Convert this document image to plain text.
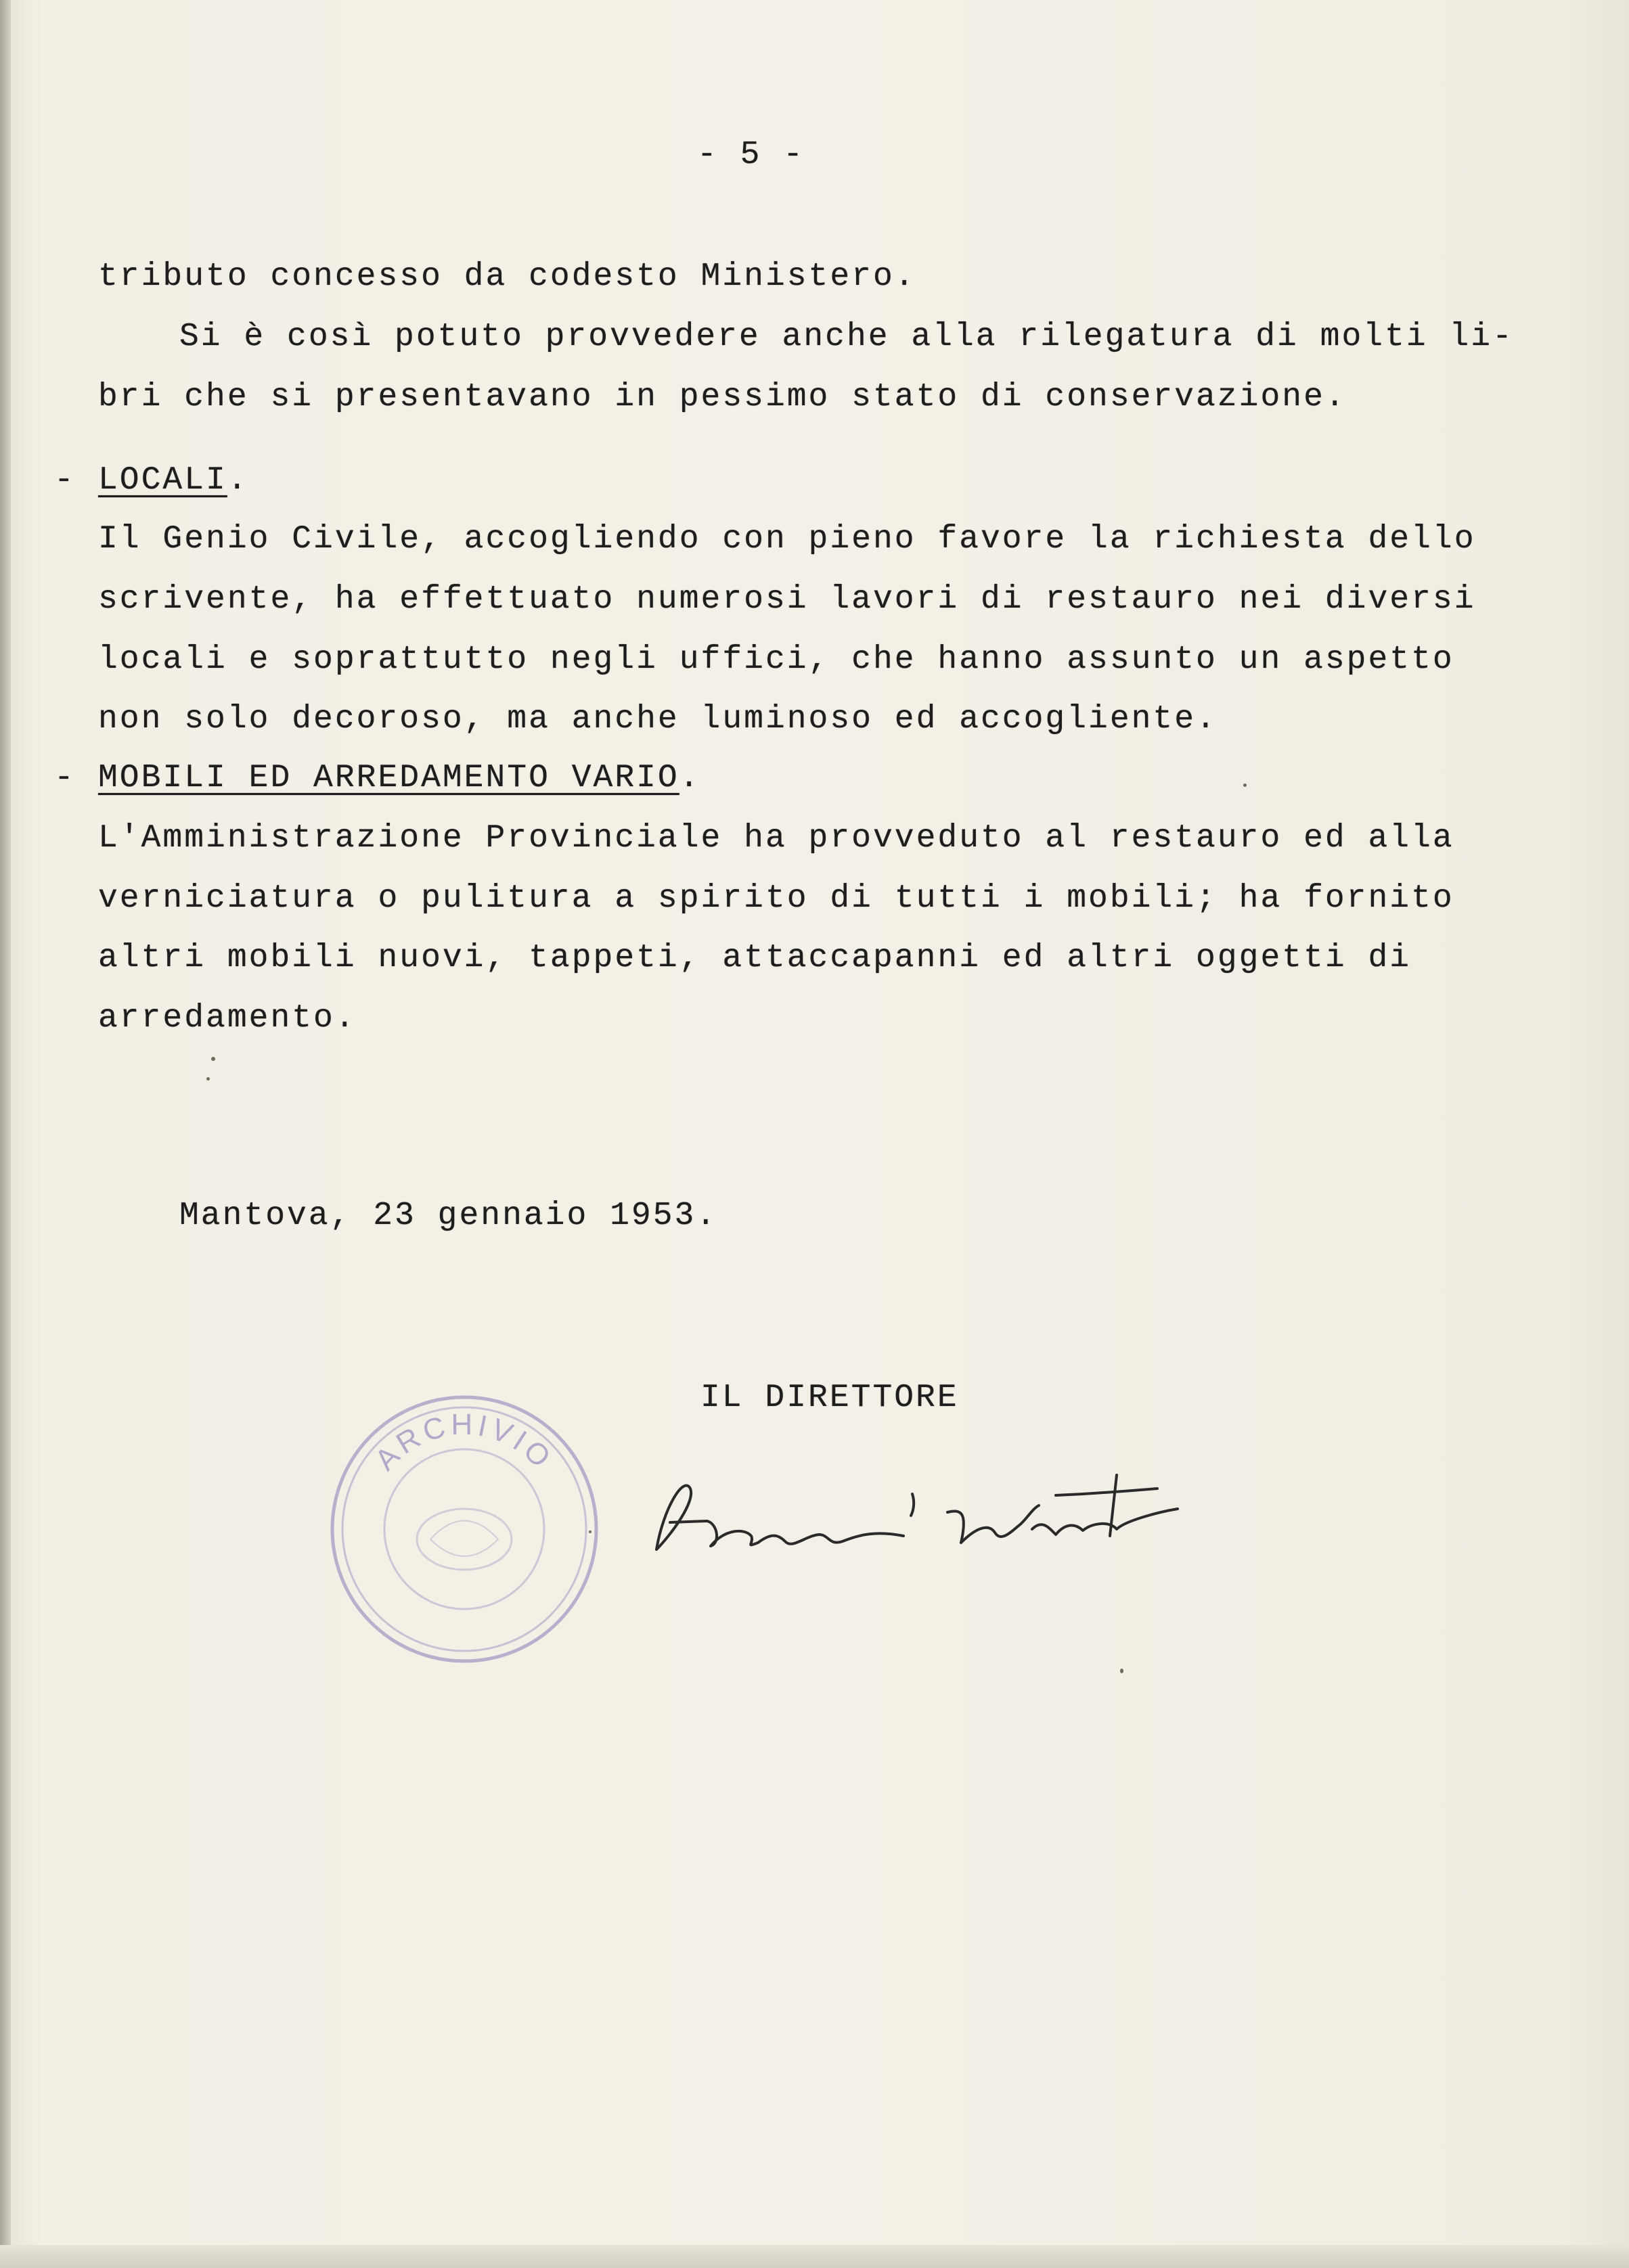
- 5 -
tributo concesso da codesto Ministero.
Si è così potuto provvedere anche alla rilegatura di molti li-
bri che si presentavano in pessimo stato di conservazione.
- LOCALI.
Il Genio Civile, accogliendo con pieno favore la richiesta dello
scrivente, ha effettuato numerosi lavori di restauro nei diversi
locali e soprattutto negli uffici, che hanno assunto un aspetto
non solo decoroso, ma anche luminoso ed accogliente.
- MOBILI ED ARREDAMENTO VARIO.
L'Amministrazione Provinciale ha provveduto al restauro ed alla
verniciatura o pulitura a spirito di tutti i mobili; ha fornito
altri mobili nuovi, tappeti, attaccapanni ed altri oggetti di
arredamento.
Mantova, 23 gennaio 1953.
IL DIRETTORE
ARCHIVIO
